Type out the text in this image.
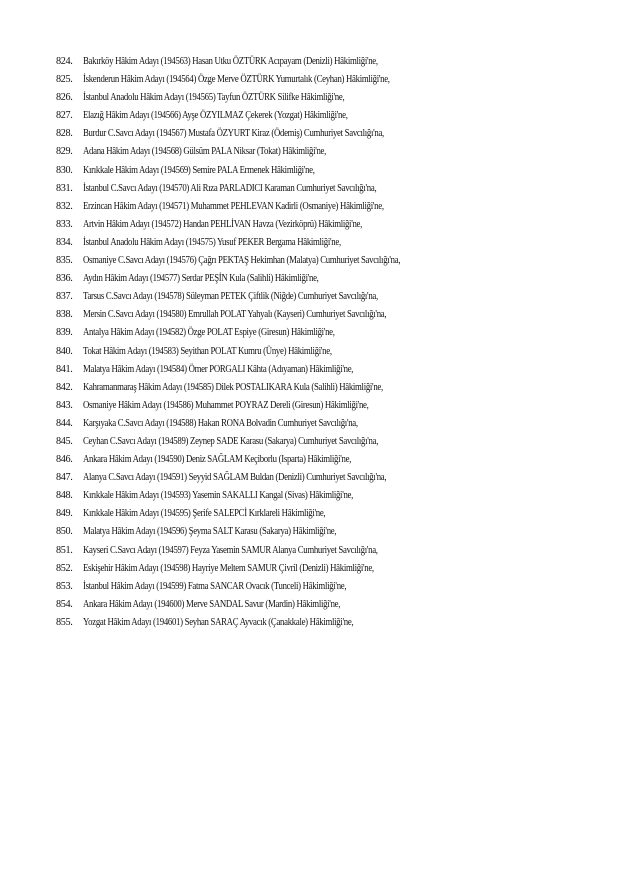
824.	Bakırköy Hâkim Adayı (194563) Hasan Utku ÖZTÜRK Acıpayam (Denizli) Hâkimliği'ne,
825.	İskenderun Hâkim Adayı (194564) Özge Merve ÖZTÜRK Yumurtalık (Ceyhan) Hâkimliği'ne,
826.	İstanbul Anadolu Hâkim Adayı (194565) Tayfun ÖZTÜRK Silifke Hâkimliği'ne,
827.	Elazığ Hâkim Adayı (194566) Ayşe ÖZYILMAZ Çekerek (Yozgat) Hâkimliği'ne,
828.	Burdur C.Savcı Adayı (194567) Mustafa ÖZYURT Kiraz (Ödemiş) Cumhuriyet Savcılığı'na,
829.	Adana Hâkim Adayı (194568) Gülsüm PALA Niksar (Tokat) Hâkimliği'ne,
830.	Kırıkkale Hâkim Adayı (194569) Semire PALA Ermenek Hâkimliği'ne,
831.	İstanbul C.Savcı Adayı (194570) Ali Rıza PARLADICI Karaman Cumhuriyet Savcılığı'na,
832.	Erzincan Hâkim Adayı (194571) Muhammet PEHLEVAN Kadirli (Osmaniye) Hâkimliği'ne,
833.	Artvin Hâkim Adayı (194572) Handan PEHLİVAN Havza (Vezirköprü) Hâkimliği'ne,
834.	İstanbul Anadolu Hâkim Adayı (194575) Yusuf PEKER Bergama Hâkimliği'ne,
835.	Osmaniye C.Savcı Adayı (194576) Çağrı PEKTAŞ Hekimhan (Malatya) Cumhuriyet Savcılığı'na,
836.	Aydın Hâkim Adayı (194577) Serdar PEŞİN Kula (Salihli) Hâkimliği'ne,
837.	Tarsus C.Savcı Adayı (194578) Süleyman PETEK Çiftlik (Niğde) Cumhuriyet Savcılığı'na,
838.	Mersin C.Savcı Adayı (194580) Emrullah POLAT Yahyalı (Kayseri) Cumhuriyet Savcılığı'na,
839.	Antalya Hâkim Adayı (194582) Özge POLAT Espiye (Giresun) Hâkimliği'ne,
840.	Tokat Hâkim Adayı (194583) Seyithan POLAT Kumru (Ünye) Hâkimliği'ne,
841.	Malatya Hâkim Adayı (194584) Ömer PORGALI Kâhta (Adıyaman) Hâkimliği'ne,
842.	Kahramanmaraş Hâkim Adayı (194585) Dilek POSTALIKARA Kula (Salihli) Hâkimliği'ne,
843.	Osmaniye Hâkim Adayı (194586) Muhammet POYRAZ Dereli (Giresun) Hâkimliği'ne,
844.	Karşıyaka C.Savcı Adayı (194588) Hakan RONA Bolvadin Cumhuriyet Savcılığı'na,
845.	Ceyhan C.Savcı Adayı (194589) Zeynep SADE Karasu (Sakarya) Cumhuriyet Savcılığı'na,
846.	Ankara Hâkim Adayı (194590) Deniz SAĞLAM Keçiborlu (Isparta) Hâkimliği'ne,
847.	Alanya C.Savcı Adayı (194591) Seyyid SAĞLAM Buldan (Denizli) Cumhuriyet Savcılığı'na,
848.	Kırıkkale Hâkim Adayı (194593) Yasemin SAKALLI Kangal (Sivas) Hâkimliği'ne,
849.	Kırıkkale Hâkim Adayı (194595) Şerife SALEPCİ Kırklareli Hâkimliği'ne,
850.	Malatya Hâkim Adayı (194596) Şeyma SALT Karasu (Sakarya) Hâkimliği'ne,
851.	Kayseri C.Savcı Adayı (194597) Feyza Yasemin SAMUR Alanya Cumhuriyet Savcılığı'na,
852.	Eskişehir Hâkim Adayı (194598) Hayriye Meltem SAMUR Çivril (Denizli) Hâkimliği'ne,
853.	İstanbul Hâkim Adayı (194599) Fatma SANCAR Ovacık (Tunceli) Hâkimliği'ne,
854.	Ankara Hâkim Adayı (194600) Merve SANDAL Savur (Mardin) Hâkimliği'ne,
855.	Yozgat Hâkim Adayı (194601) Seyhan SARAÇ Ayvacık (Çanakkale) Hâkimliği'ne,
